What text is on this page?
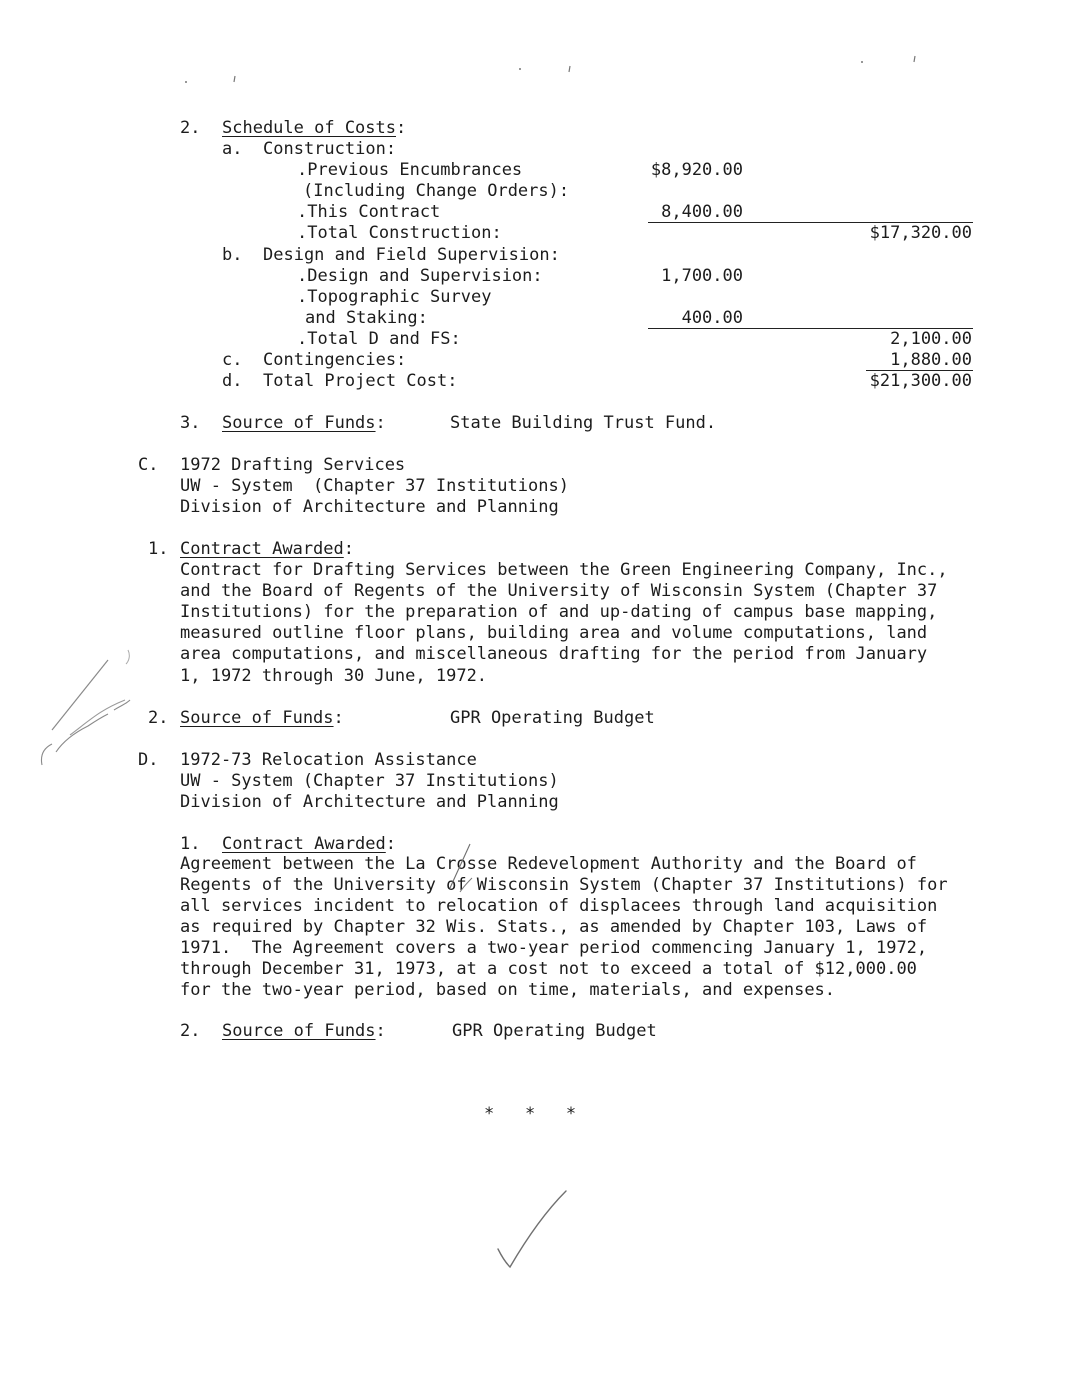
2. Schedule of Costs:
a. Construction:
.Previous Encumbrances	$8,920.00
(Including Change Orders):
.This Contract	8,400.00
.Total Construction:	$17,320.00
b. Design and Field Supervision:
.Design and Supervision:	1,700.00
.Topographic Survey
and Staking:	400.00
.Total D and FS:	2,100.00
c. Contingencies:	1,880.00
d. Total Project Cost:	$21,300.00
3. Source of Funds:	State Building Trust Fund.
C. 1972 Drafting Services
UW - System  (Chapter 37 Institutions)
Division of Architecture and Planning
1. Contract Awarded:
Contract for Drafting Services between the Green Engineering Company, Inc.,
and the Board of Regents of the University of Wisconsin System (Chapter 37
Institutions) for the preparation of and up-dating of campus base mapping,
measured outline floor plans, building area and volume computations, land
area computations, and miscellaneous drafting for the period from January
1, 1972 through 30 June, 1972.
2. Source of Funds:	GPR Operating Budget
D. 1972-73 Relocation Assistance
UW - System (Chapter 37 Institutions)
Division of Architecture and Planning
1. Contract Awarded:
Agreement between the La Crosse Redevelopment Authority and the Board of
Regents of the University of Wisconsin System (Chapter 37 Institutions) for
all services incident to relocation of displacees through land acquisition
as required by Chapter 32 Wis. Stats., as amended by Chapter 103, Laws of
1971.  The Agreement covers a two-year period commencing January 1, 1972,
through December 31, 1973, at a cost not to exceed a total of $12,000.00
for the two-year period, based on time, materials, and expenses.
2. Source of Funds:	GPR Operating Budget
*   *   *
